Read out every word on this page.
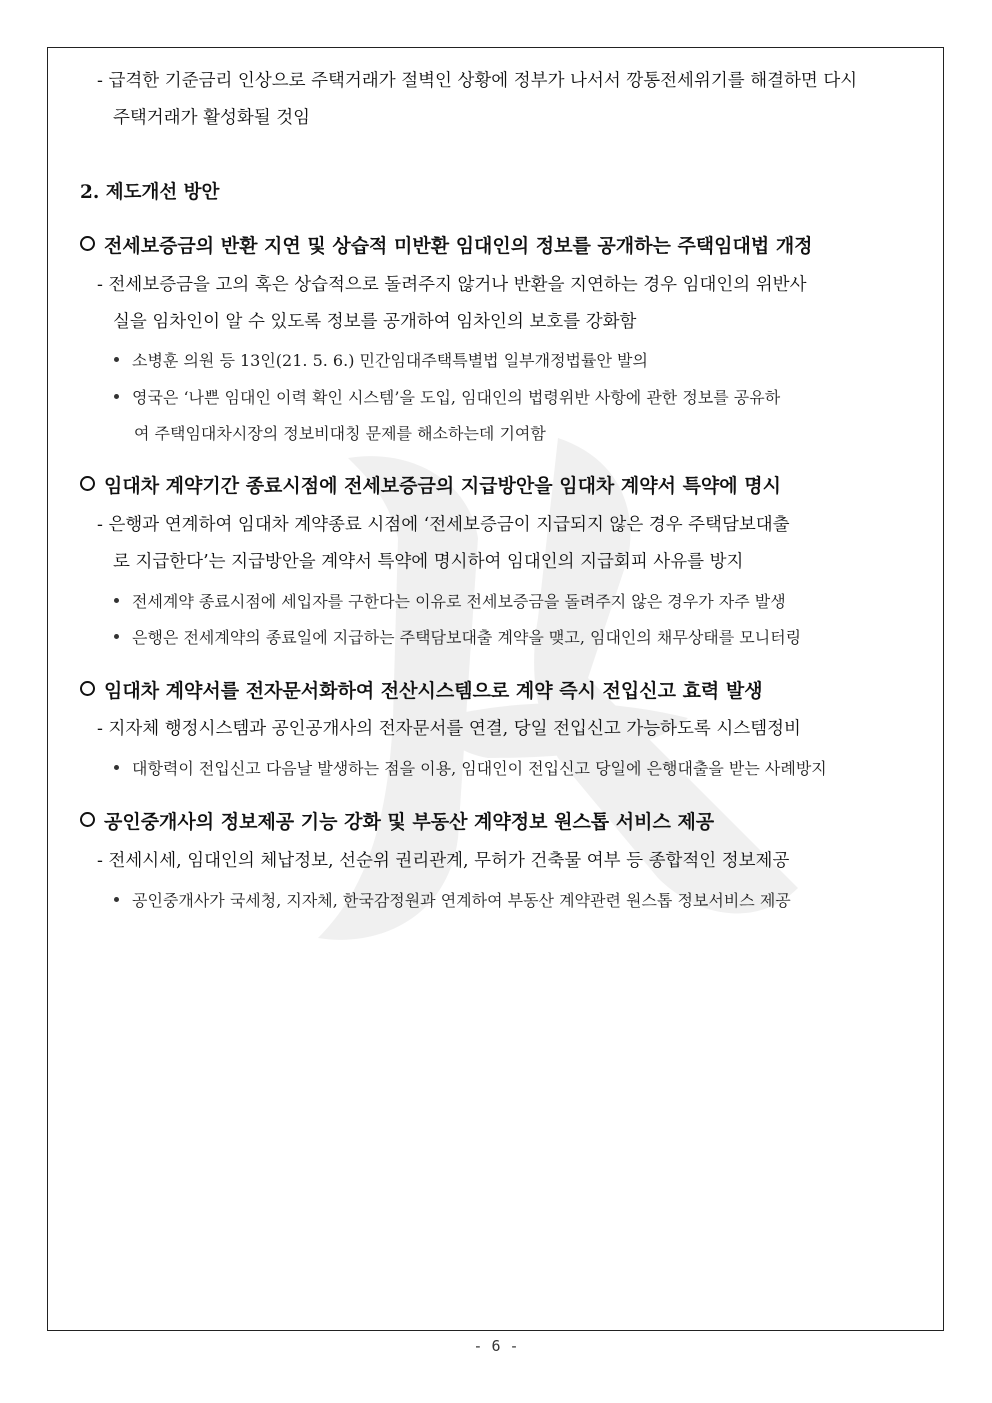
- 급격한 기준금리 인상으로 주택거래가 절벽인 상황에 정부가 나서서 깡통전세위기를 해결하면 다시
주택거래가 활성화될 것임
2. 제도개선 방안
전세보증금의 반환 지연 및 상습적 미반환 임대인의 정보를 공개하는 주택임대법 개정
- 전세보증금을 고의 혹은 상습적으로 돌려주지 않거나 반환을 지연하는 경우 임대인의 위반사
실을 임차인이 알 수 있도록 정보를 공개하여 임차인의 보호를 강화함
소병훈 의원 등 13인(21. 5. 6.) 민간임대주택특별법 일부개정법률안 발의
영국은 ‘나쁜 임대인 이력 확인 시스템’을 도입, 임대인의 법령위반 사항에 관한 정보를 공유하
여 주택임대차시장의 정보비대칭 문제를 해소하는데 기여함
임대차 계약기간 종료시점에 전세보증금의 지급방안을 임대차 계약서 특약에 명시
- 은행과 연계하여 임대차 계약종료 시점에 ‘전세보증금이 지급되지 않은 경우 주택담보대출
로 지급한다’는 지급방안을 계약서 특약에 명시하여 임대인의 지급회피 사유를 방지
전세계약 종료시점에 세입자를 구한다는 이유로 전세보증금을 돌려주지 않은 경우가 자주 발생
은행은 전세계약의 종료일에 지급하는 주택담보대출 계약을 맺고, 임대인의 채무상태를 모니터링
임대차 계약서를 전자문서화하여 전산시스템으로 계약 즉시 전입신고 효력 발생
- 지자체 행정시스템과 공인공개사의 전자문서를 연결, 당일 전입신고 가능하도록 시스템정비
대항력이 전입신고 다음날 발생하는 점을 이용, 임대인이 전입신고 당일에 은행대출을 받는 사례방지
공인중개사의 정보제공 기능 강화 및 부동산 계약정보 원스톱 서비스 제공
- 전세시세, 임대인의 체납정보, 선순위 권리관계, 무허가 건축물 여부 등 종합적인 정보제공
공인중개사가 국세청, 지자체, 한국감정원과 연계하여 부동산 계약관련 원스톱 정보서비스 제공
- 6 -
